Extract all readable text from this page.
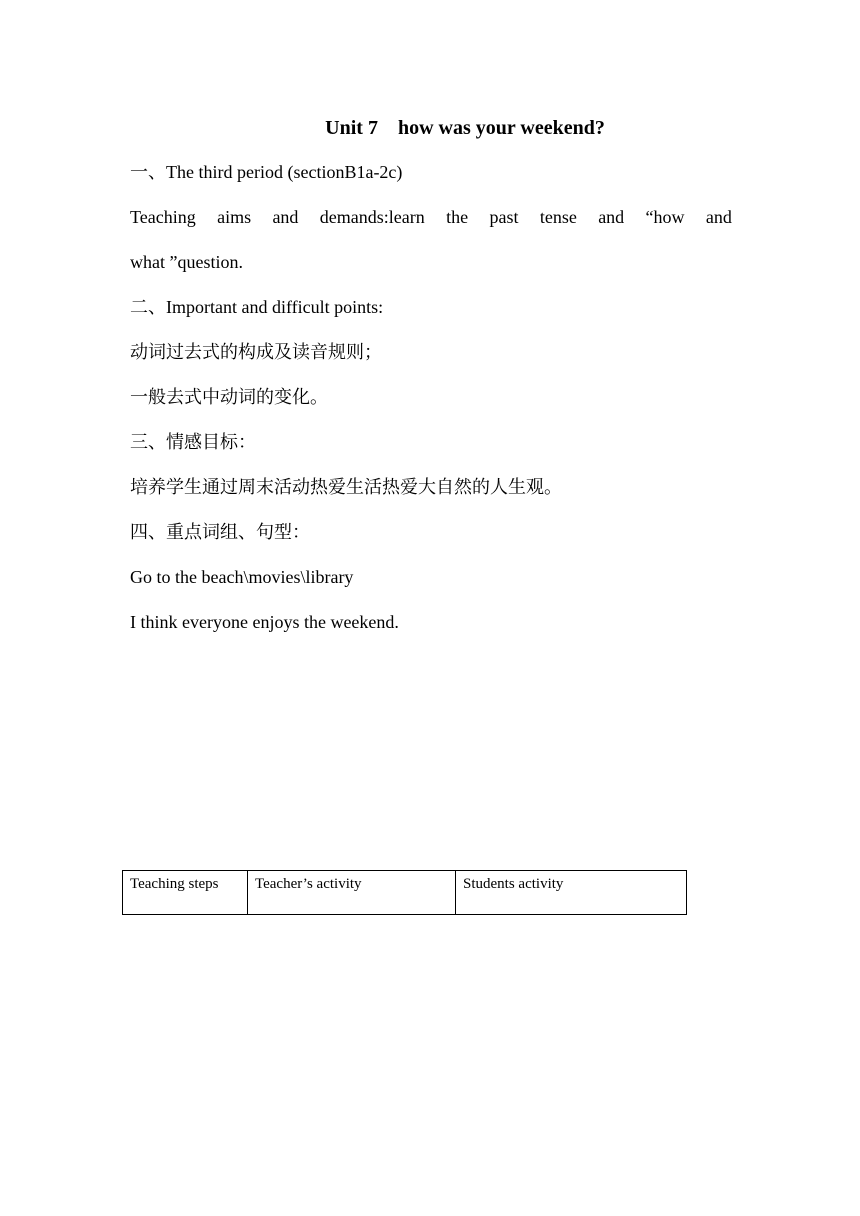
Unit 7    how was your weekend?
一、The third period (sectionB1a-2c)
Teaching aims and demands:learn the past tense and “how and
what ”question.
二、Important and difficult points:
动词过去式的构成及读音规则；
一般去式中动词的变化。
三、情感目标：
培养学生通过周末活动热爱生活热爱大自然的人生观。
四、重点词组、句型：
Go to the beach\movies\library
I think everyone enjoys the weekend.
Teaching steps	Teacher’s activity	Students activity
